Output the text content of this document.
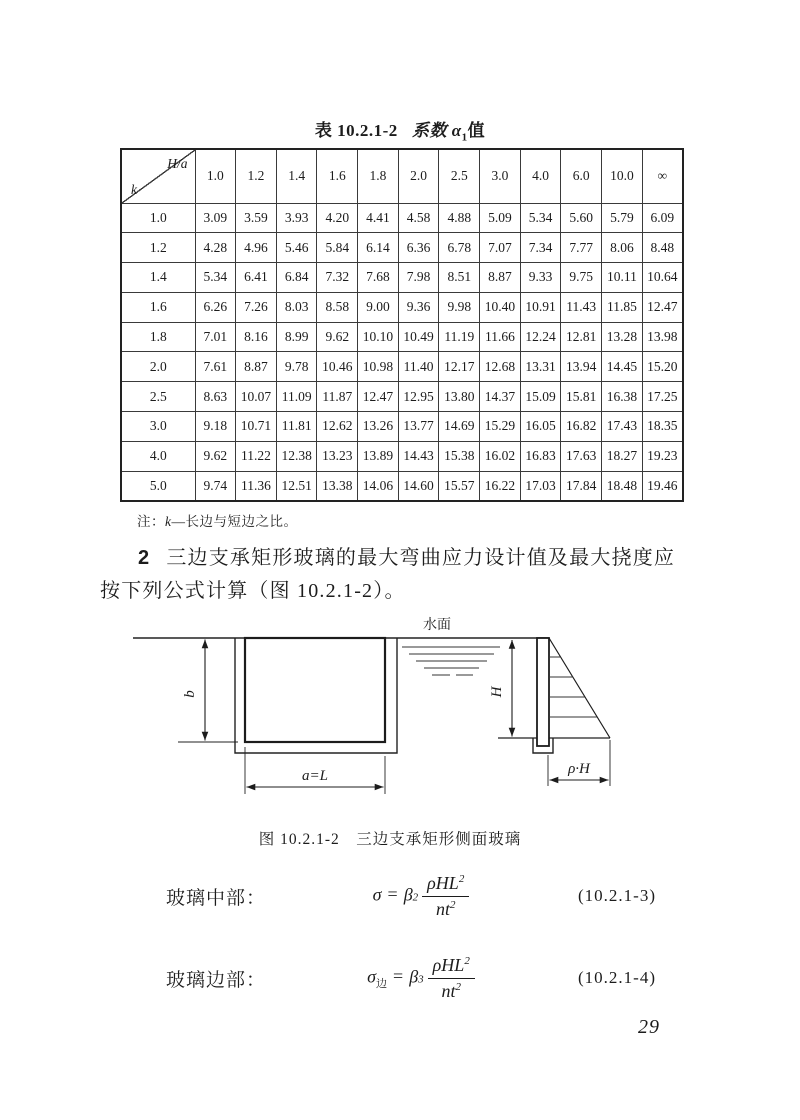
表 10.2.1-2 系数 $\alpha_1$值
H/a
k	1.0	1.2	1.4	1.6	1.8	2.0	2.5	3.0	4.0	6.0	10.0	∞
1.0	3.09	3.59	3.93	4.20	4.41	4.58	4.88	5.09	5.34	5.60	5.79	6.09
1.2	4.28	4.96	5.46	5.84	6.14	6.36	6.78	7.07	7.34	7.77	8.06	8.48
1.4	5.34	6.41	6.84	7.32	7.68	7.98	8.51	8.87	9.33	9.75	10.11	10.64
1.6	6.26	7.26	8.03	8.58	9.00	9.36	9.98	10.40	10.91	11.43	11.85	12.47
1.8	7.01	8.16	8.99	9.62	10.10	10.49	11.19	11.66	12.24	12.81	13.28	13.98
2.0	7.61	8.87	9.78	10.46	10.98	11.40	12.17	12.68	13.31	13.94	14.45	15.20
2.5	8.63	10.07	11.09	11.87	12.47	12.95	13.80	14.37	15.09	15.81	16.38	17.25
3.0	9.18	10.71	11.81	12.62	13.26	13.77	14.69	15.29	16.05	16.82	17.43	18.35
4.0	9.62	11.22	12.38	13.23	13.89	14.43	15.38	16.02	16.83	17.63	18.27	19.23
5.0	9.74	11.36	12.51	13.38	14.06	14.60	15.57	16.22	17.03	17.84	18.48	19.46
注：k—长边与短边之比。
2 三边支承矩形玻璃的最大弯曲应力设计值及最大挠度应
按下列公式计算（图 10.2.1-2）。
水面
b
a=L
H
ρ·H
图 10.2.1-2　三边支承矩形侧面玻璃
玻璃中部：	$\sigma = \beta 2 \frac{\rho HL^2}{nt^2}$	(10.2.1-3)
玻璃边部：	$\sigma_边 = \beta 3 \frac{\rho HL^2}{nt^2}$	(10.2.1-4)
29
